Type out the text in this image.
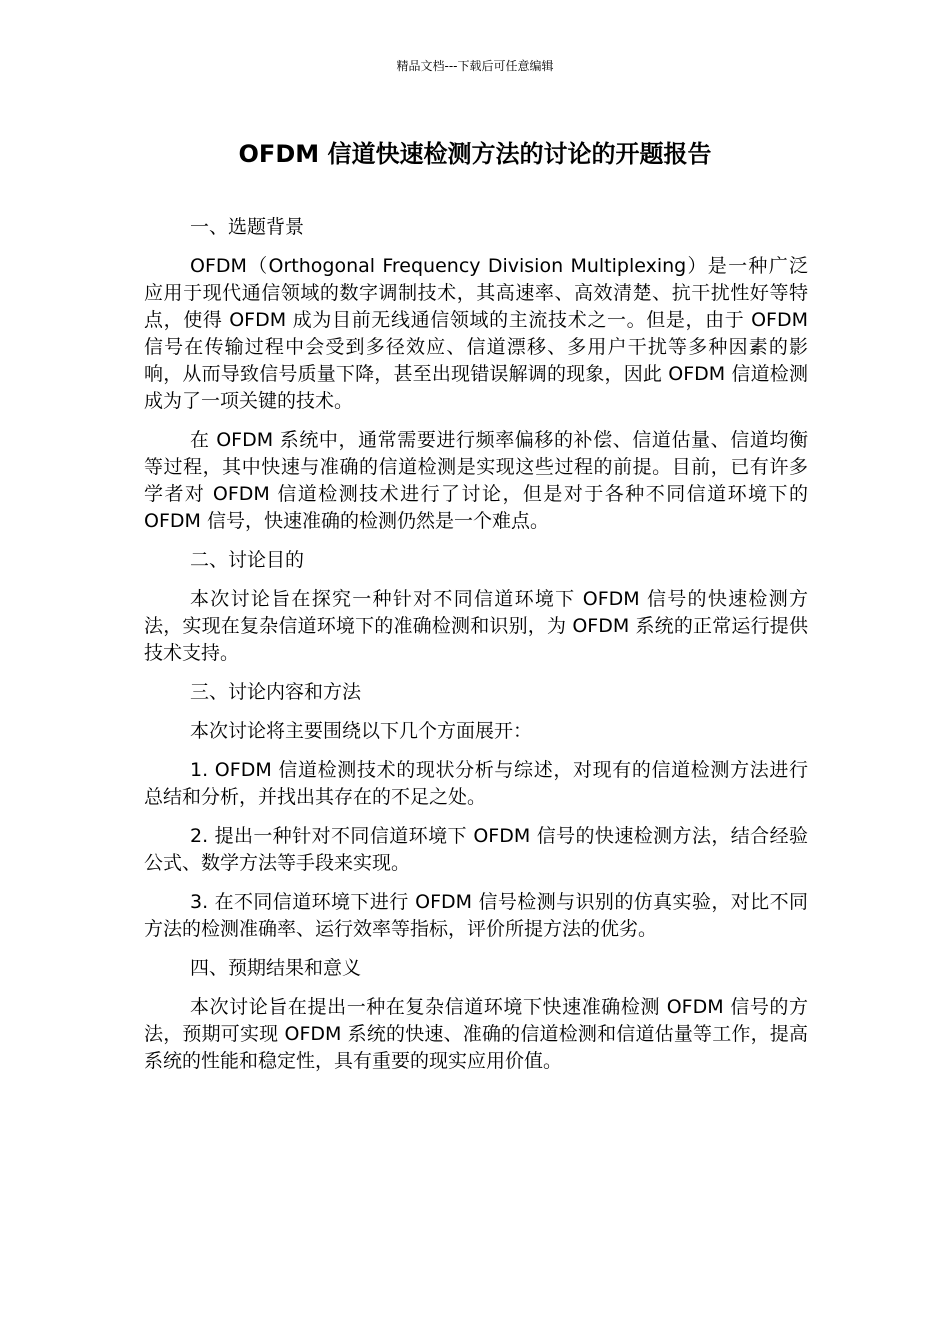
精品文档---下载后可任意编辑
OFDM 信道快速检测方法的讨论的开题报告
一、选题背景

OFDM（Orthogonal Frequency Division Multiplexing）是一种广泛应用于现代通信领域的数字调制技术，其高速率、高效清楚、抗干扰性好等特点，使得 OFDM 成为目前无线通信领域的主流技术之一。但是，由于 OFDM 信号在传输过程中会受到多径效应、信道漂移、多用户干扰等多种因素的影响，从而导致信号质量下降，甚至出现错误解调的现象，因此 OFDM 信道检测成为了一项关键的技术。

在 OFDM 系统中，通常需要进行频率偏移的补偿、信道估量、信道均衡等过程，其中快速与准确的信道检测是实现这些过程的前提。目前，已有许多学者对 OFDM 信道检测技术进行了讨论，但是对于各种不同信道环境下的 OFDM 信号，快速准确的检测仍然是一个难点。

二、讨论目的

本次讨论旨在探究一种针对不同信道环境下 OFDM 信号的快速检测方法，实现在复杂信道环境下的准确检测和识别，为 OFDM 系统的正常运行提供技术支持。

三、讨论内容和方法

本次讨论将主要围绕以下几个方面展开：

1. OFDM 信道检测技术的现状分析与综述，对现有的信道检测方法进行总结和分析，并找出其存在的不足之处。

2. 提出一种针对不同信道环境下 OFDM 信号的快速检测方法，结合经验公式、数学方法等手段来实现。

3. 在不同信道环境下进行 OFDM 信号检测与识别的仿真实验，对比不同方法的检测准确率、运行效率等指标，评价所提方法的优劣。

四、预期结果和意义

本次讨论旨在提出一种在复杂信道环境下快速准确检测 OFDM 信号的方法，预期可实现 OFDM 系统的快速、准确的信道检测和信道估量等工作，提高系统的性能和稳定性，具有重要的现实应用价值。
